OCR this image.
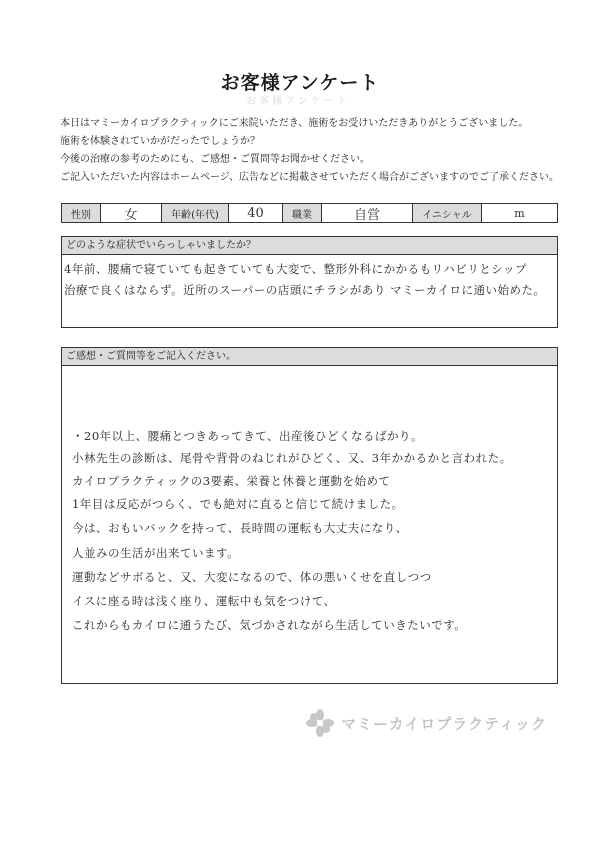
お客様アンケート
お客様アンケート
本日はマミーカイロプラクティックにご来院いただき、施術をお受けいただきありがとうございました。
施術を体験されていかがだったでしょうか？
今後の治療の参考のためにも、ご感想・ご質問等お聞かせください。
ご記入いただいた内容はホームページ、広告などに掲載させていただく場合がございますのでご了承ください。
性別	女	年齢(年代)	40	職業	自営	イニシャル	m
どのような症状でいらっしゃいましたか？
4年前、腰痛で寝ていても起きていても大変で、整形外科にかかるもリハビリとシップ
治療で良くはならず。近所のスーパーの店頭にチラシがあり マミーカイロに通い始めた。
ご感想・ご質問等をご記入ください。
・20年以上、腰痛とつきあってきて、出産後ひどくなるばかり。
小林先生の診断は、尾骨や背骨のねじれがひどく、又、3年かかるかと言われた。
カイロプラクティックの3要素、栄養と休養と運動を始めて
1年目は反応がつらく、でも絶対に直ると信じて続けました。
今は、おもいバックを持って、長時間の運転も大丈夫になり、
人並みの生活が出来ています。
運動などサボると、又、大変になるので、体の悪いくせを直しつつ
イスに座る時は浅く座り、運転中も気をつけて、
これからもカイロに通うたび、気づかされながら生活していきたいです。
マミーカイロプラクティック
